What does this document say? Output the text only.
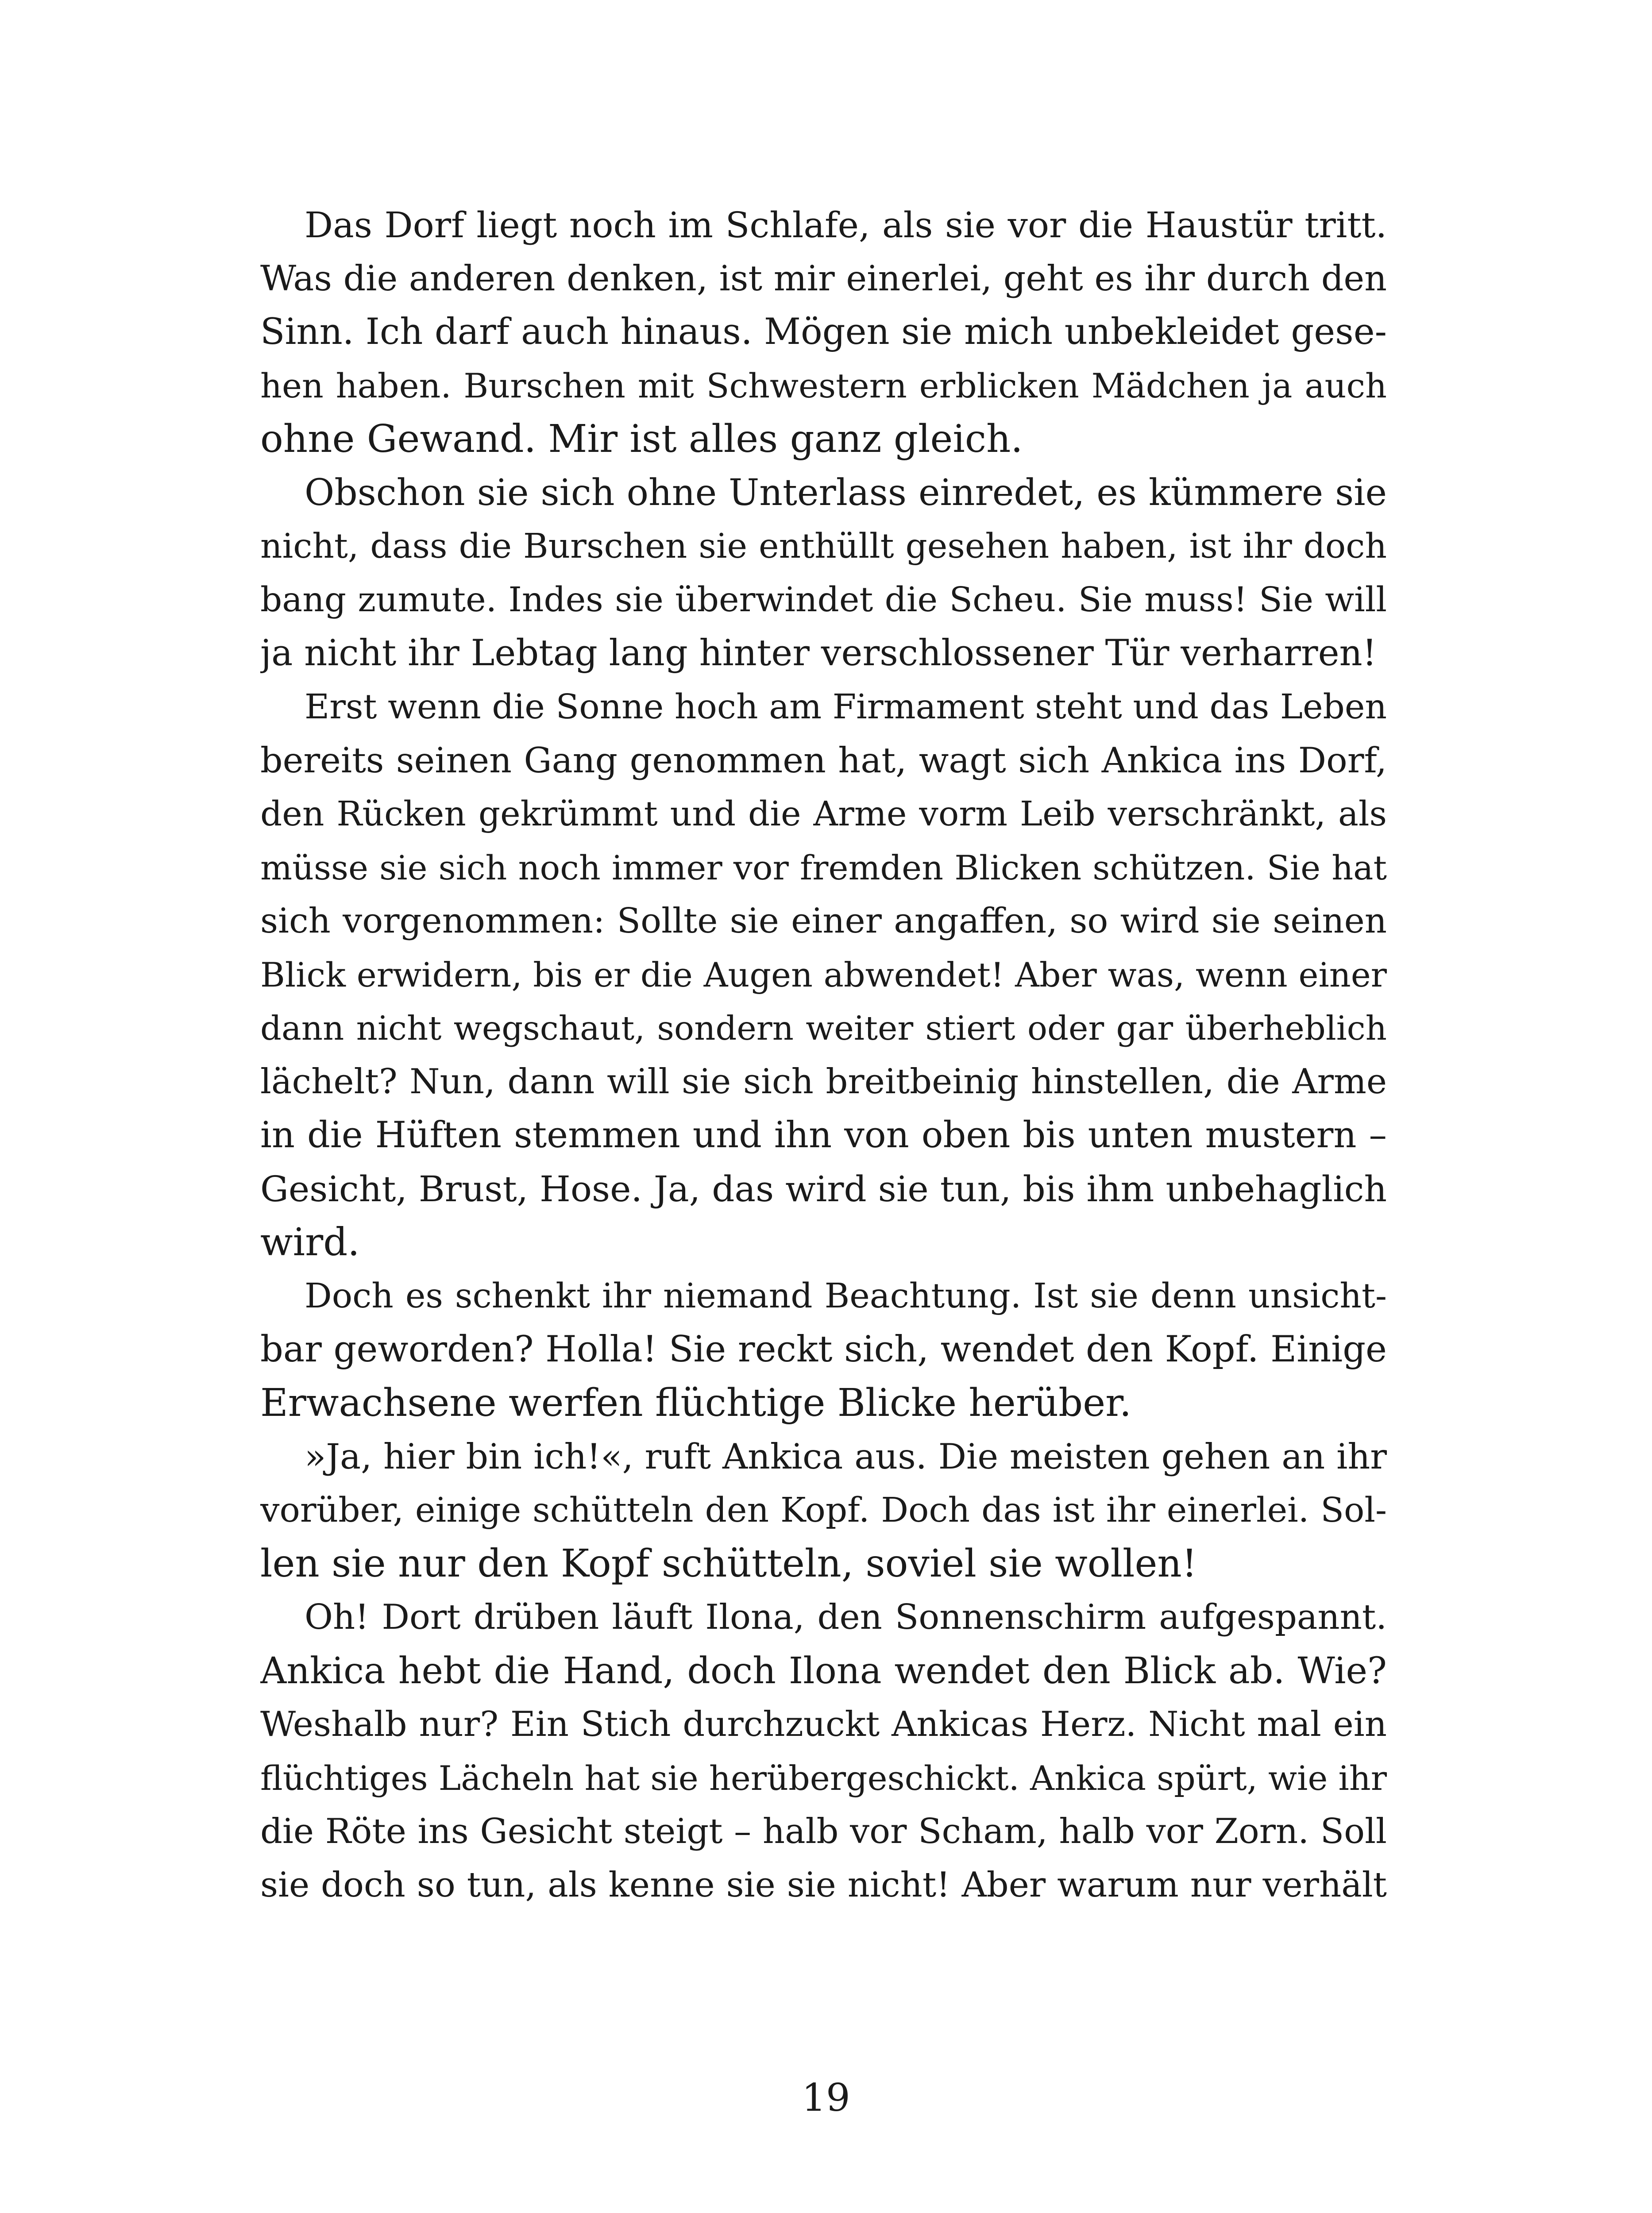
Das Dorf liegt noch im Schlafe, als sie vor die Haustür tritt.
Was die anderen denken, ist mir einerlei, geht es ihr durch den
Sinn. Ich darf auch hinaus. Mögen sie mich unbekleidet gese-
hen haben. Burschen mit Schwestern erblicken Mädchen ja auch
ohne Gewand. Mir ist alles ganz gleich.
Obschon sie sich ohne Unterlass einredet, es kümmere sie
nicht, dass die Burschen sie enthüllt gesehen haben, ist ihr doch
bang zumute. Indes sie überwindet die Scheu. Sie muss! Sie will
ja nicht ihr Lebtag lang hinter verschlossener Tür verharren!
Erst wenn die Sonne hoch am Firmament steht und das Leben
bereits seinen Gang genommen hat, wagt sich Ankica ins Dorf,
den Rücken gekrümmt und die Arme vorm Leib verschränkt, als
müsse sie sich noch immer vor fremden Blicken schützen. Sie hat
sich vorgenommen: Sollte sie einer angaffen, so wird sie seinen
Blick erwidern, bis er die Augen abwendet! Aber was, wenn einer
dann nicht wegschaut, sondern weiter stiert oder gar überheblich
lächelt? Nun, dann will sie sich breitbeinig hinstellen, die Arme
in die Hüften stemmen und ihn von oben bis unten mustern –
Gesicht, Brust, Hose. Ja, das wird sie tun, bis ihm unbehaglich
wird.
Doch es schenkt ihr niemand Beachtung. Ist sie denn unsicht-
bar geworden? Holla! Sie reckt sich, wendet den Kopf. Einige
Erwachsene werfen flüchtige Blicke herüber.
»Ja, hier bin ich!«, ruft Ankica aus. Die meisten gehen an ihr
vorüber, einige schütteln den Kopf. Doch das ist ihr einerlei. Sol-
len sie nur den Kopf schütteln, soviel sie wollen!
Oh! Dort drüben läuft Ilona, den Sonnenschirm aufgespannt.
Ankica hebt die Hand, doch Ilona wendet den Blick ab. Wie?
Weshalb nur? Ein Stich durchzuckt Ankicas Herz. Nicht mal ein
flüchtiges Lächeln hat sie herübergeschickt. Ankica spürt, wie ihr
die Röte ins Gesicht steigt – halb vor Scham, halb vor Zorn. Soll
sie doch so tun, als kenne sie sie nicht! Aber warum nur verhält
19
